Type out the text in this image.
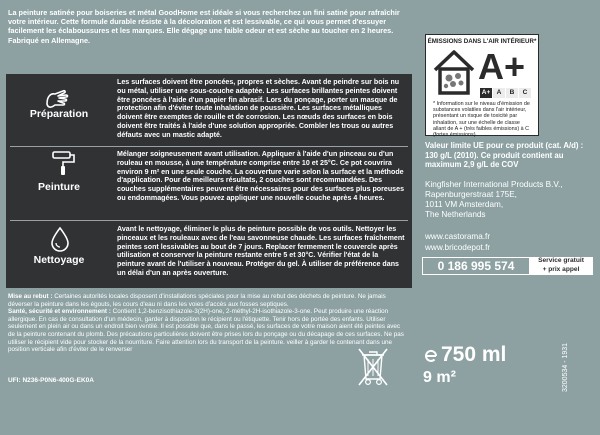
La peinture satinée pour boiseries et métal GoodHome est idéale si vous recherchez un fini satiné pour rafraîchir votre intérieur. Cette formule durable résiste à la décoloration et est lessivable, ce qui vous permet d'essuyer facilement les éclaboussures et les marques. Elle dégage une faible odeur et est sèche au toucher en 2 heures. Fabriqué en Allemagne.

Préparation

Les surfaces doivent être poncées, propres et sèches. Avant de peindre sur bois nu ou métal, utiliser une sous-couche adaptée. Les surfaces brillantes peintes doivent être poncées à l'aide d'un papier fin abrasif. Lors du ponçage, porter un masque de protection afin d'éviter toute inhalation de poussière. Les surfaces métalliques doivent être exemptes de rouille et de corrosion. Les nœuds des surfaces en bois doivent être traités à l'aide d'une solution appropriée. Combler les trous ou autres défauts avec un mastic adapté.

Peinture

Mélanger soigneusement avant utilisation. Appliquer à l'aide d'un pinceau ou d'un rouleau en mousse, à une température comprise entre 10 et 25°C. Ce pot couvrira environ 9 m² en une seule couche. La couverture varie selon la surface et la méthode d'application. Pour de meilleurs résultats, 2 couches sont recommandées. Des couches supplémentaires peuvent être nécessaires pour des surfaces plus poreuses ou endommagées. Vous pouvez appliquer une nouvelle couche après 4 heures.

Nettoyage

Avant le nettoyage, éliminer le plus de peinture possible de vos outils. Nettoyer les pinceaux et les rouleaux avec de l'eau savonneuse chaude. Les surfaces fraîchement peintes sont lessivables au bout de 7 jours. Replacer fermement le couvercle après utilisation et conserver la peinture restante entre 5 et 30°C. Vérifier l'état de la peinture avant de l'utiliser à nouveau. Protéger du gel. À utiliser de préférence dans un délai d'un an après ouverture.

Mise au rebut : Certaines autorités locales disposent d'installations spéciales pour la mise au rebut des déchets de peinture. Ne jamais déverser la peinture dans les égouts, les cours d'eau ni dans les voies d'accès aux fosses septiques.
Santé, sécurité et environnement : Contient 1,2-benzisothiazole-3(2H)-one, 2-méthyl-2H-isothiazole-3-one. Peut produire une réaction allergique. En cas de consultation d'un médecin, garder à disposition le récipient ou l'étiquette. Tenir hors de portée des enfants. Utiliser seulement en plein air ou dans un endroit bien ventilé. Il est possible que, dans le passé, les surfaces de votre maison aient été peintes avec de la peinture contenant du plomb. Des précautions particulières doivent être prises lors du ponçage ou du décapage de ces surfaces. Ne pas utiliser le récipient vide pour stocker de la nourriture. Faire attention lors du transport de la peinture. veiller à garder le contenant dans une position verticale afin d'éviter de le renverser

UFI: N236-P0N6-400G-EK0A
ÉMISSIONS DANS L'AIR INTÉRIEUR*
A+
A+ A	B	C

* Information sur le niveau d'émission de substances volatiles dans l'air intérieur, présentant un risque de toxicité par inhalation, sur une échelle de classe allant de A + (très faibles émissions) à C (fortes émissions)

Valeur limite UE pour ce produit (cat. A/d) : 130 g/L (2010). Ce produit contient au maximum 2,9 g/L de COV

Kingfisher International Products B.V.,
Rapenburgerstraat 175E,
1011 VM Amsterdam,
The Netherlands
www.castorama.fr
www.bricodepot.fr
0 186 995 574	Service gratuit
+ prix appel
750 ml
9 m²	3200534 - 1931
